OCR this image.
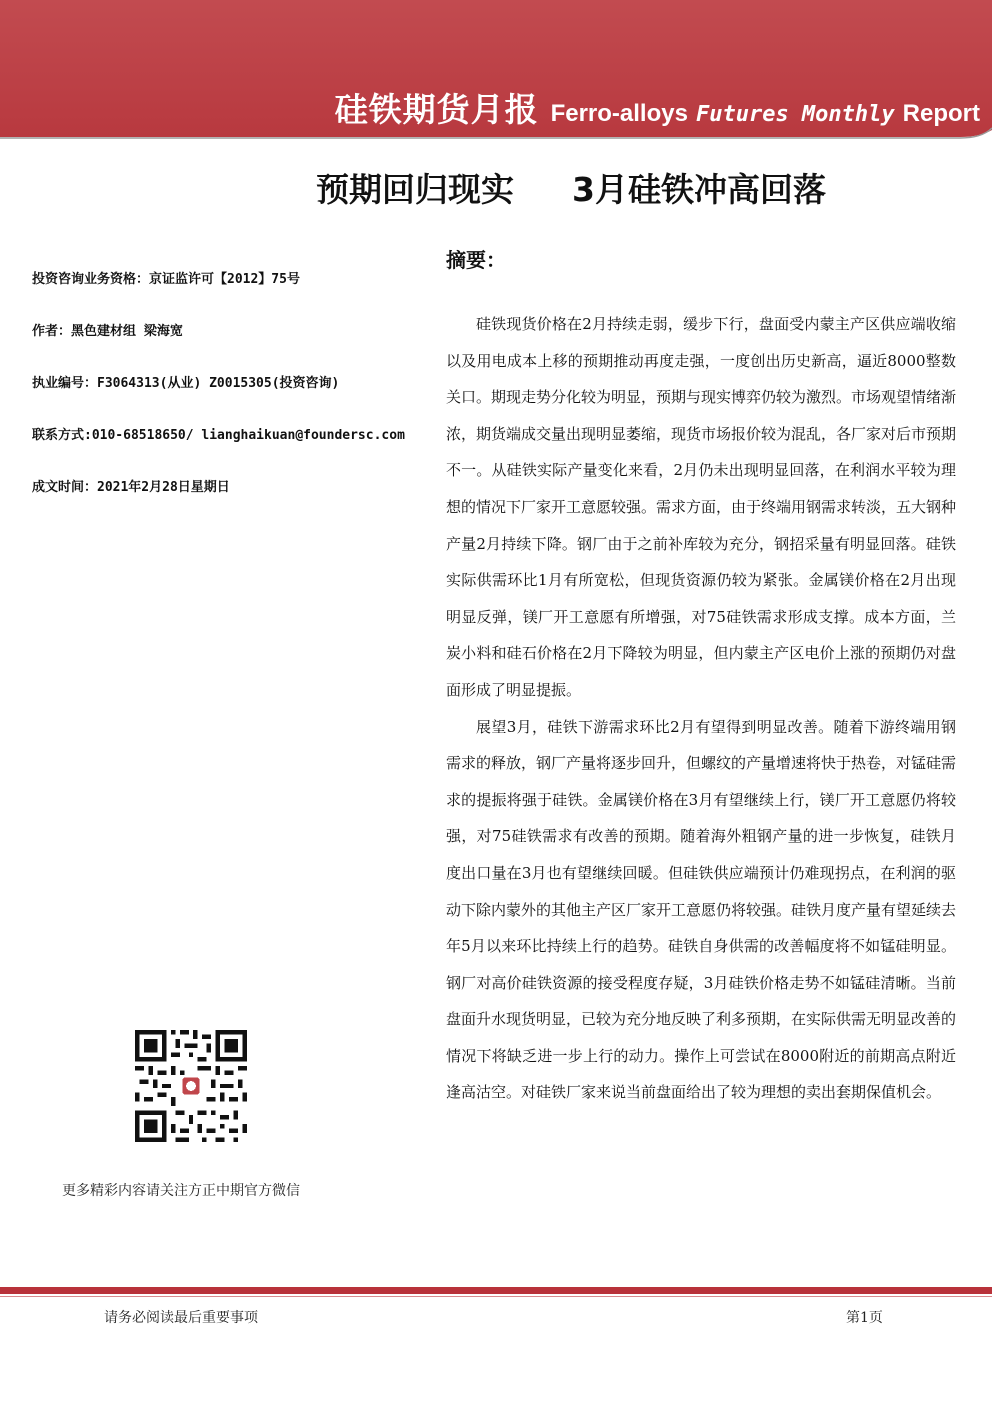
硅铁期货月报 Ferro-alloys Futures Monthly Report
预期回归现实 3月硅铁冲高回落
投资咨询业务资格：京证监许可【2012】75号
作者：黑色建材组 梁海宽
执业编号：F3064313(从业) Z0015305(投资咨询)
联系方式:010-68518650/ lianghaikuan@foundersc.com
成文时间：2021年2月28日星期日
更多精彩内容请关注方正中期官方微信
摘要：

硅铁现货价格在2月持续走弱，缓步下行，盘面受内蒙主产区供应端收缩以及用电成本上移的预期推动再度走强，一度创出历史新高，逼近8000整数关口。期现走势分化较为明显，预期与现实博弈仍较为激烈。市场观望情绪渐浓，期货端成交量出现明显萎缩，现货市场报价较为混乱，各厂家对后市预期不一。从硅铁实际产量变化来看，2月仍未出现明显回落，在利润水平较为理想的情况下厂家开工意愿较强。需求方面，由于终端用钢需求转淡，五大钢种产量2月持续下降。钢厂由于之前补库较为充分，钢招采量有明显回落。硅铁实际供需环比1月有所宽松，但现货资源仍较为紧张。金属镁价格在2月出现明显反弹，镁厂开工意愿有所增强，对75硅铁需求形成支撑。成本方面，兰炭小料和硅石价格在2月下降较为明显，但内蒙主产区电价上涨的预期仍对盘面形成了明显提振。

展望3月，硅铁下游需求环比2月有望得到明显改善。随着下游终端用钢需求的释放，钢厂产量将逐步回升，但螺纹的产量增速将快于热卷，对锰硅需求的提振将强于硅铁。金属镁价格在3月有望继续上行，镁厂开工意愿仍将较强，对75硅铁需求有改善的预期。随着海外粗钢产量的进一步恢复，硅铁月度出口量在3月也有望继续回暖。但硅铁供应端预计仍难现拐点，在利润的驱动下除内蒙外的其他主产区厂家开工意愿仍将较强。硅铁月度产量有望延续去年5月以来环比持续上行的趋势。硅铁自身供需的改善幅度将不如锰硅明显。钢厂对高价硅铁资源的接受程度存疑，3月硅铁价格走势不如锰硅清晰。当前盘面升水现货明显，已较为充分地反映了利多预期，在实际供需无明显改善的情况下将缺乏进一步上行的动力。操作上可尝试在8000附近的前期高点附近逢高沽空。对硅铁厂家来说当前盘面给出了较为理想的卖出套期保值机会。

请务必阅读最后重要事项	第1页
